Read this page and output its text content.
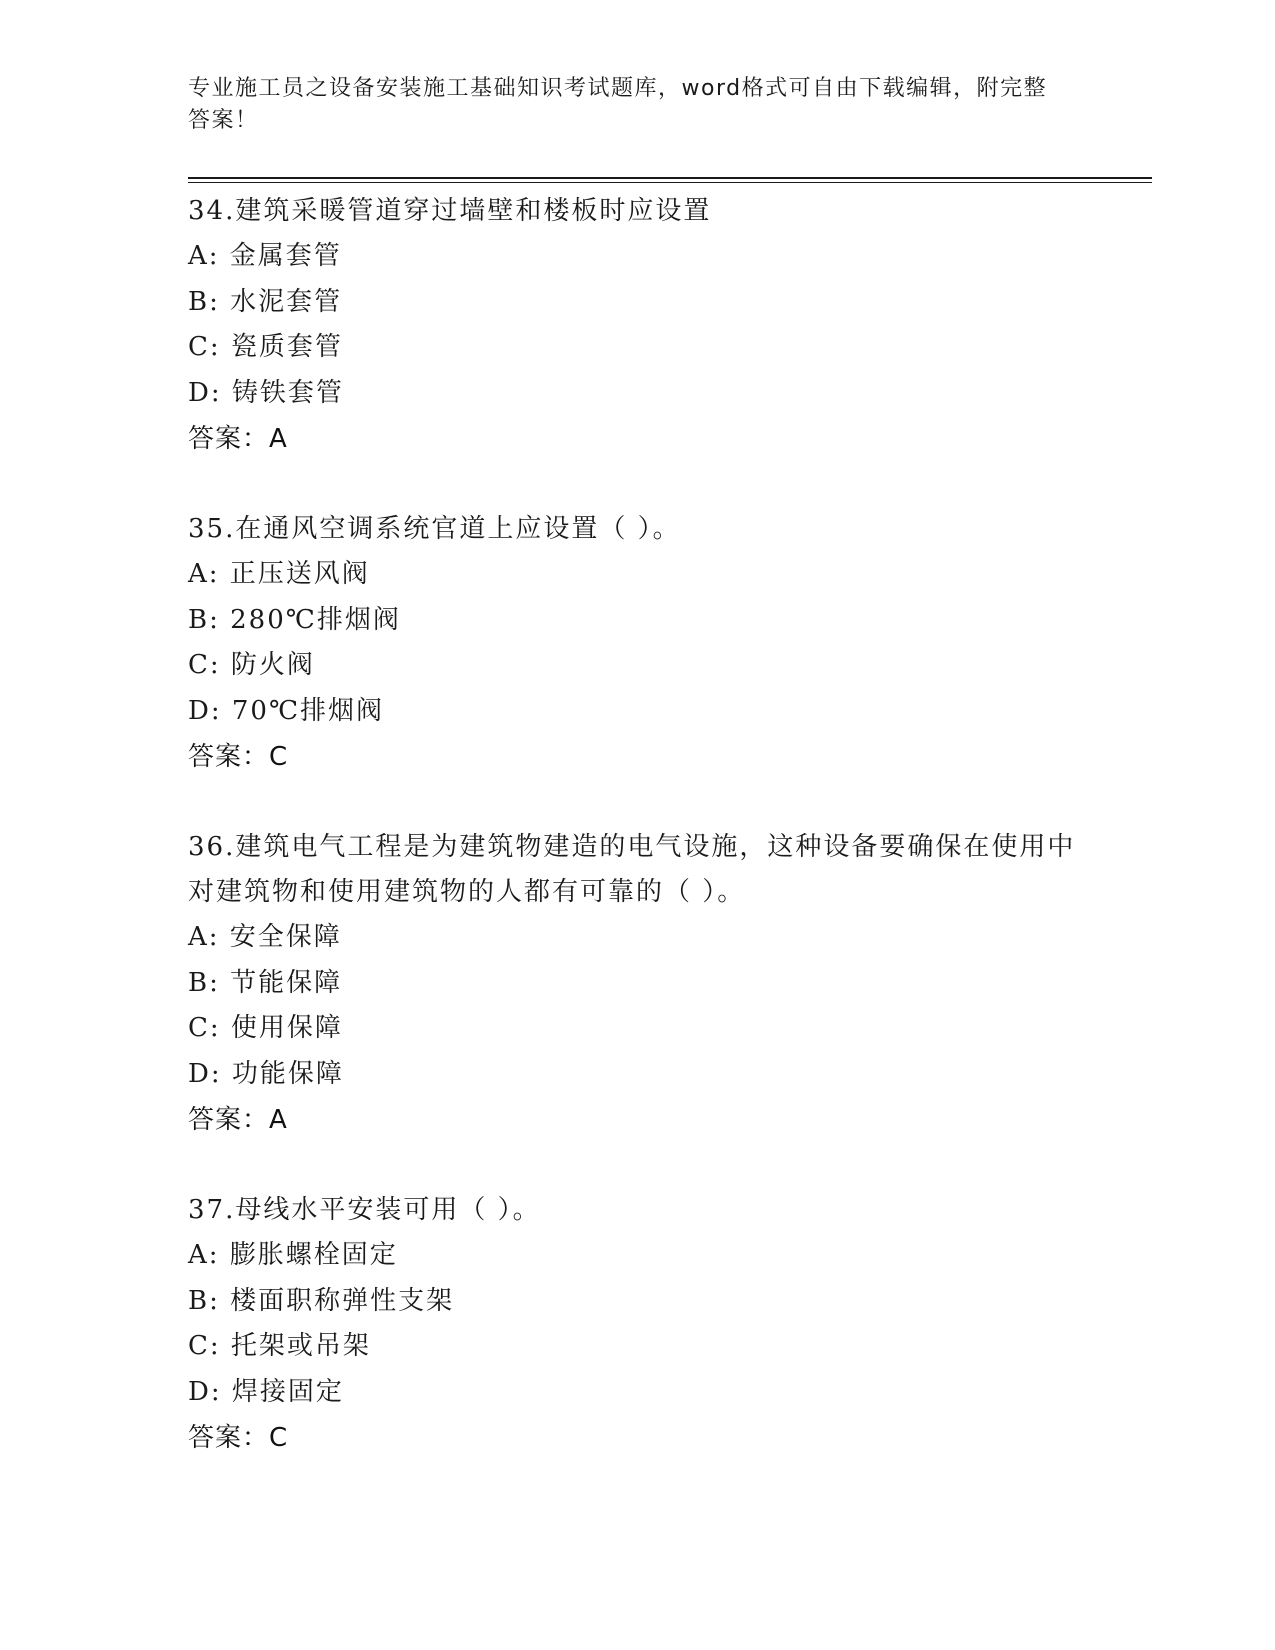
专业施工员之设备安装施工基础知识考试题库，word格式可自由下载编辑，附完整答案！
34.建筑采暖管道穿过墙壁和楼板时应设置
A: 金属套管
B: 水泥套管
C: 瓷质套管
D: 铸铁套管
答案：A
35.在通风空调系统官道上应设置（ ）。
A: 正压送风阀
B: 280℃排烟阀
C: 防火阀
D: 70℃排烟阀
答案：C
36.建筑电气工程是为建筑物建造的电气设施，这种设备要确保在使用中对建筑物和使用建筑物的人都有可靠的（ ）。
A: 安全保障
B: 节能保障
C: 使用保障
D: 功能保障
答案：A
37.母线水平安装可用（ ）。
A: 膨胀螺栓固定
B: 楼面职称弹性支架
C: 托架或吊架
D: 焊接固定
答案：C
